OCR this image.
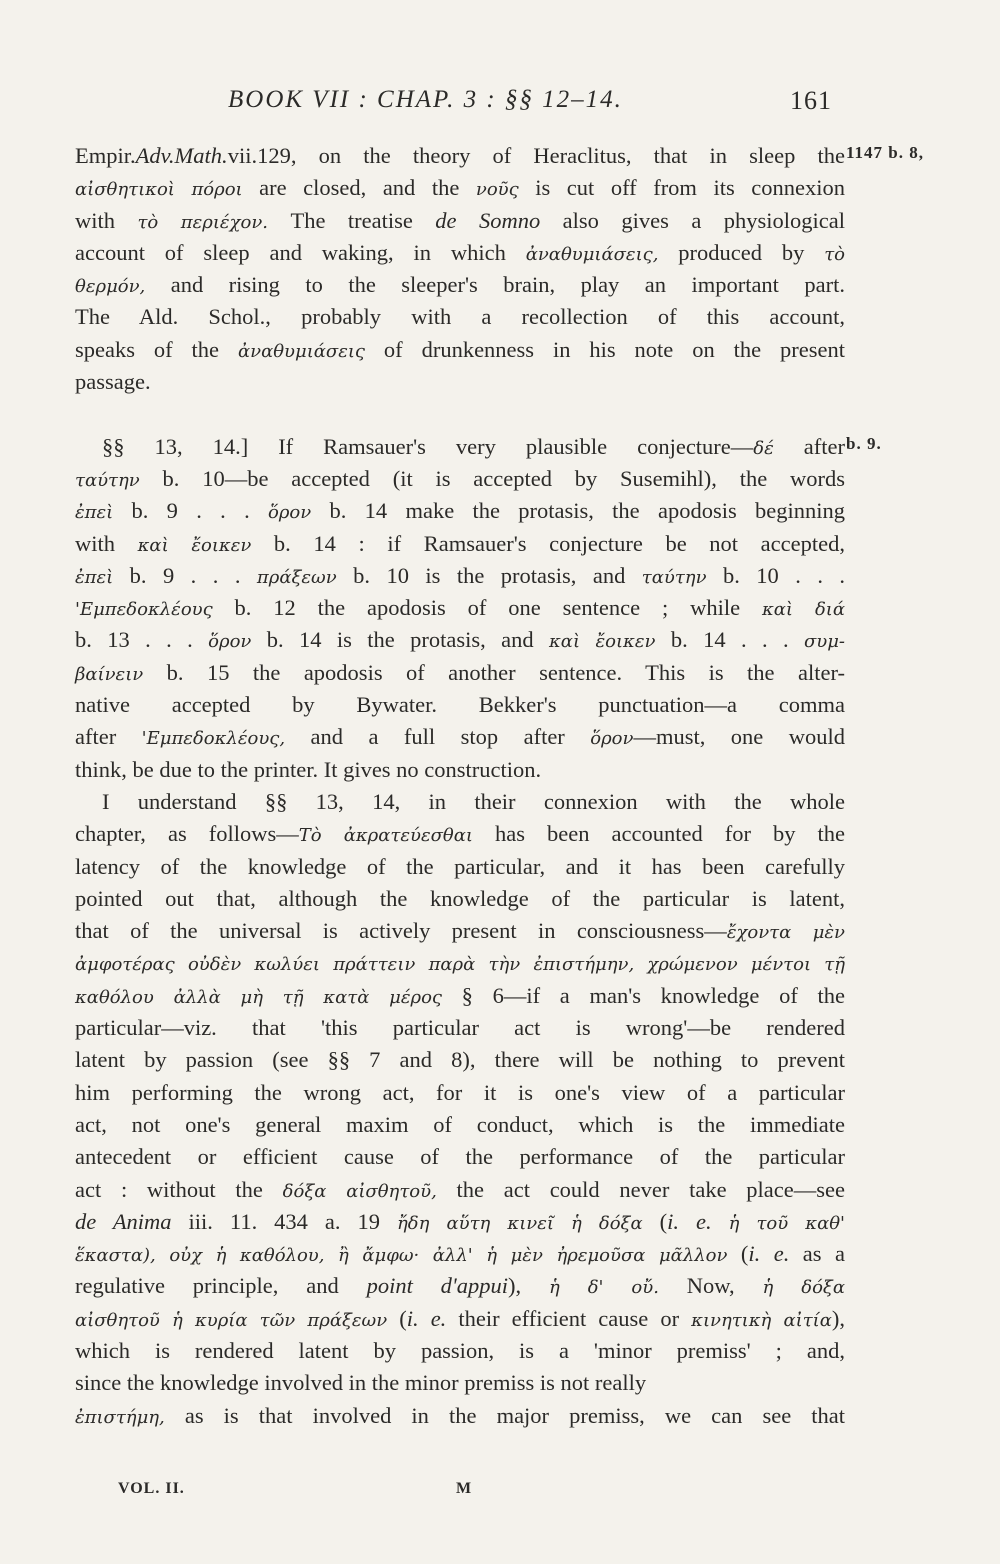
BOOK VII : CHAP. 3 : §§ 12–14.	161
Empir.Adv.Math.vii.129, on the theory of Heraclitus, that in sleep the
αἰσθητικοὶ πόροι are closed, and the νοῦς is cut off from its connexion
with τὸ περιέχον. The treatise de Somno also gives a physiological
account of sleep and waking, in which ἀναθυμιάσεις, produced by τὸ
θερμόν, and rising to the sleeper's brain, play an important part.
The Ald. Schol., probably with a recollection of this account,
speaks of the ἀναθυμιάσεις of drunkenness in his note on the present
passage.
§§ 13, 14.] If Ramsauer's very plausible conjecture—δέ after
ταύτην b. 10—be accepted (it is accepted by Susemihl), the words
ἐπεὶ b. 9 . . . ὅρον b. 14 make the protasis, the apodosis beginning
with καὶ ἔοικεν b. 14 : if Ramsauer's conjecture be not accepted,
ἐπεὶ b. 9 . . . πράξεων b. 10 is the protasis, and ταύτην b. 10 . . .
'Εμπεδοκλέους b. 12 the apodosis of one sentence ; while καὶ διά
b. 13 . . . ὅρον b. 14 is the protasis, and καὶ ἔοικεν b. 14 . . . συμ-
βαίνειν b. 15 the apodosis of another sentence. This is the alter-
native accepted by Bywater. Bekker's punctuation—a comma
after 'Εμπεδοκλέους, and a full stop after ὅρον—must, one would
think, be due to the printer. It gives no construction.
I understand §§ 13, 14, in their connexion with the whole
chapter, as follows—Τὸ ἀκρατεύεσθαι has been accounted for by the
latency of the knowledge of the particular, and it has been carefully
pointed out that, although the knowledge of the particular is latent,
that of the universal is actively present in consciousness—ἔχοντα μὲν
ἀμφοτέρας οὐδὲν κωλύει πράττειν παρὰ τὴν ἐπιστήμην, χρώμενον μέντοι τῇ
καθόλου ἀλλὰ μὴ τῇ κατὰ μέρος § 6—if a man's knowledge of the
particular—viz. that 'this particular act is wrong'—be rendered
latent by passion (see §§ 7 and 8), there will be nothing to prevent
him performing the wrong act, for it is one's view of a particular
act, not one's general maxim of conduct, which is the immediate
antecedent or efficient cause of the performance of the particular
act : without the δόξα αἰσθητοῦ, the act could never take place—see
de Anima iii. 11. 434 a. 19 ἤδη αὕτη κινεῖ ἡ δόξα (i. e. ἡ τοῦ καθ'
ἕκαστα), οὐχ ἡ καθόλου, ἢ ἄμφω· ἀλλ' ἡ μὲν ἠρεμοῦσα μᾶλλον (i. e. as a
regulative principle, and point d'appui), ἡ δ' οὔ. Now, ἡ δόξα
αἰσθητοῦ ἡ κυρία τῶν πράξεων (i. e. their efficient cause or κινητικὴ αἰτία),
which is rendered latent by passion, is a 'minor premiss' ; and,
since the knowledge involved in the minor premiss is not really
ἐπιστήμη, as is that involved in the major premiss, we can see that
1147 b. 8,
b. 9.
VOL. II.	M
